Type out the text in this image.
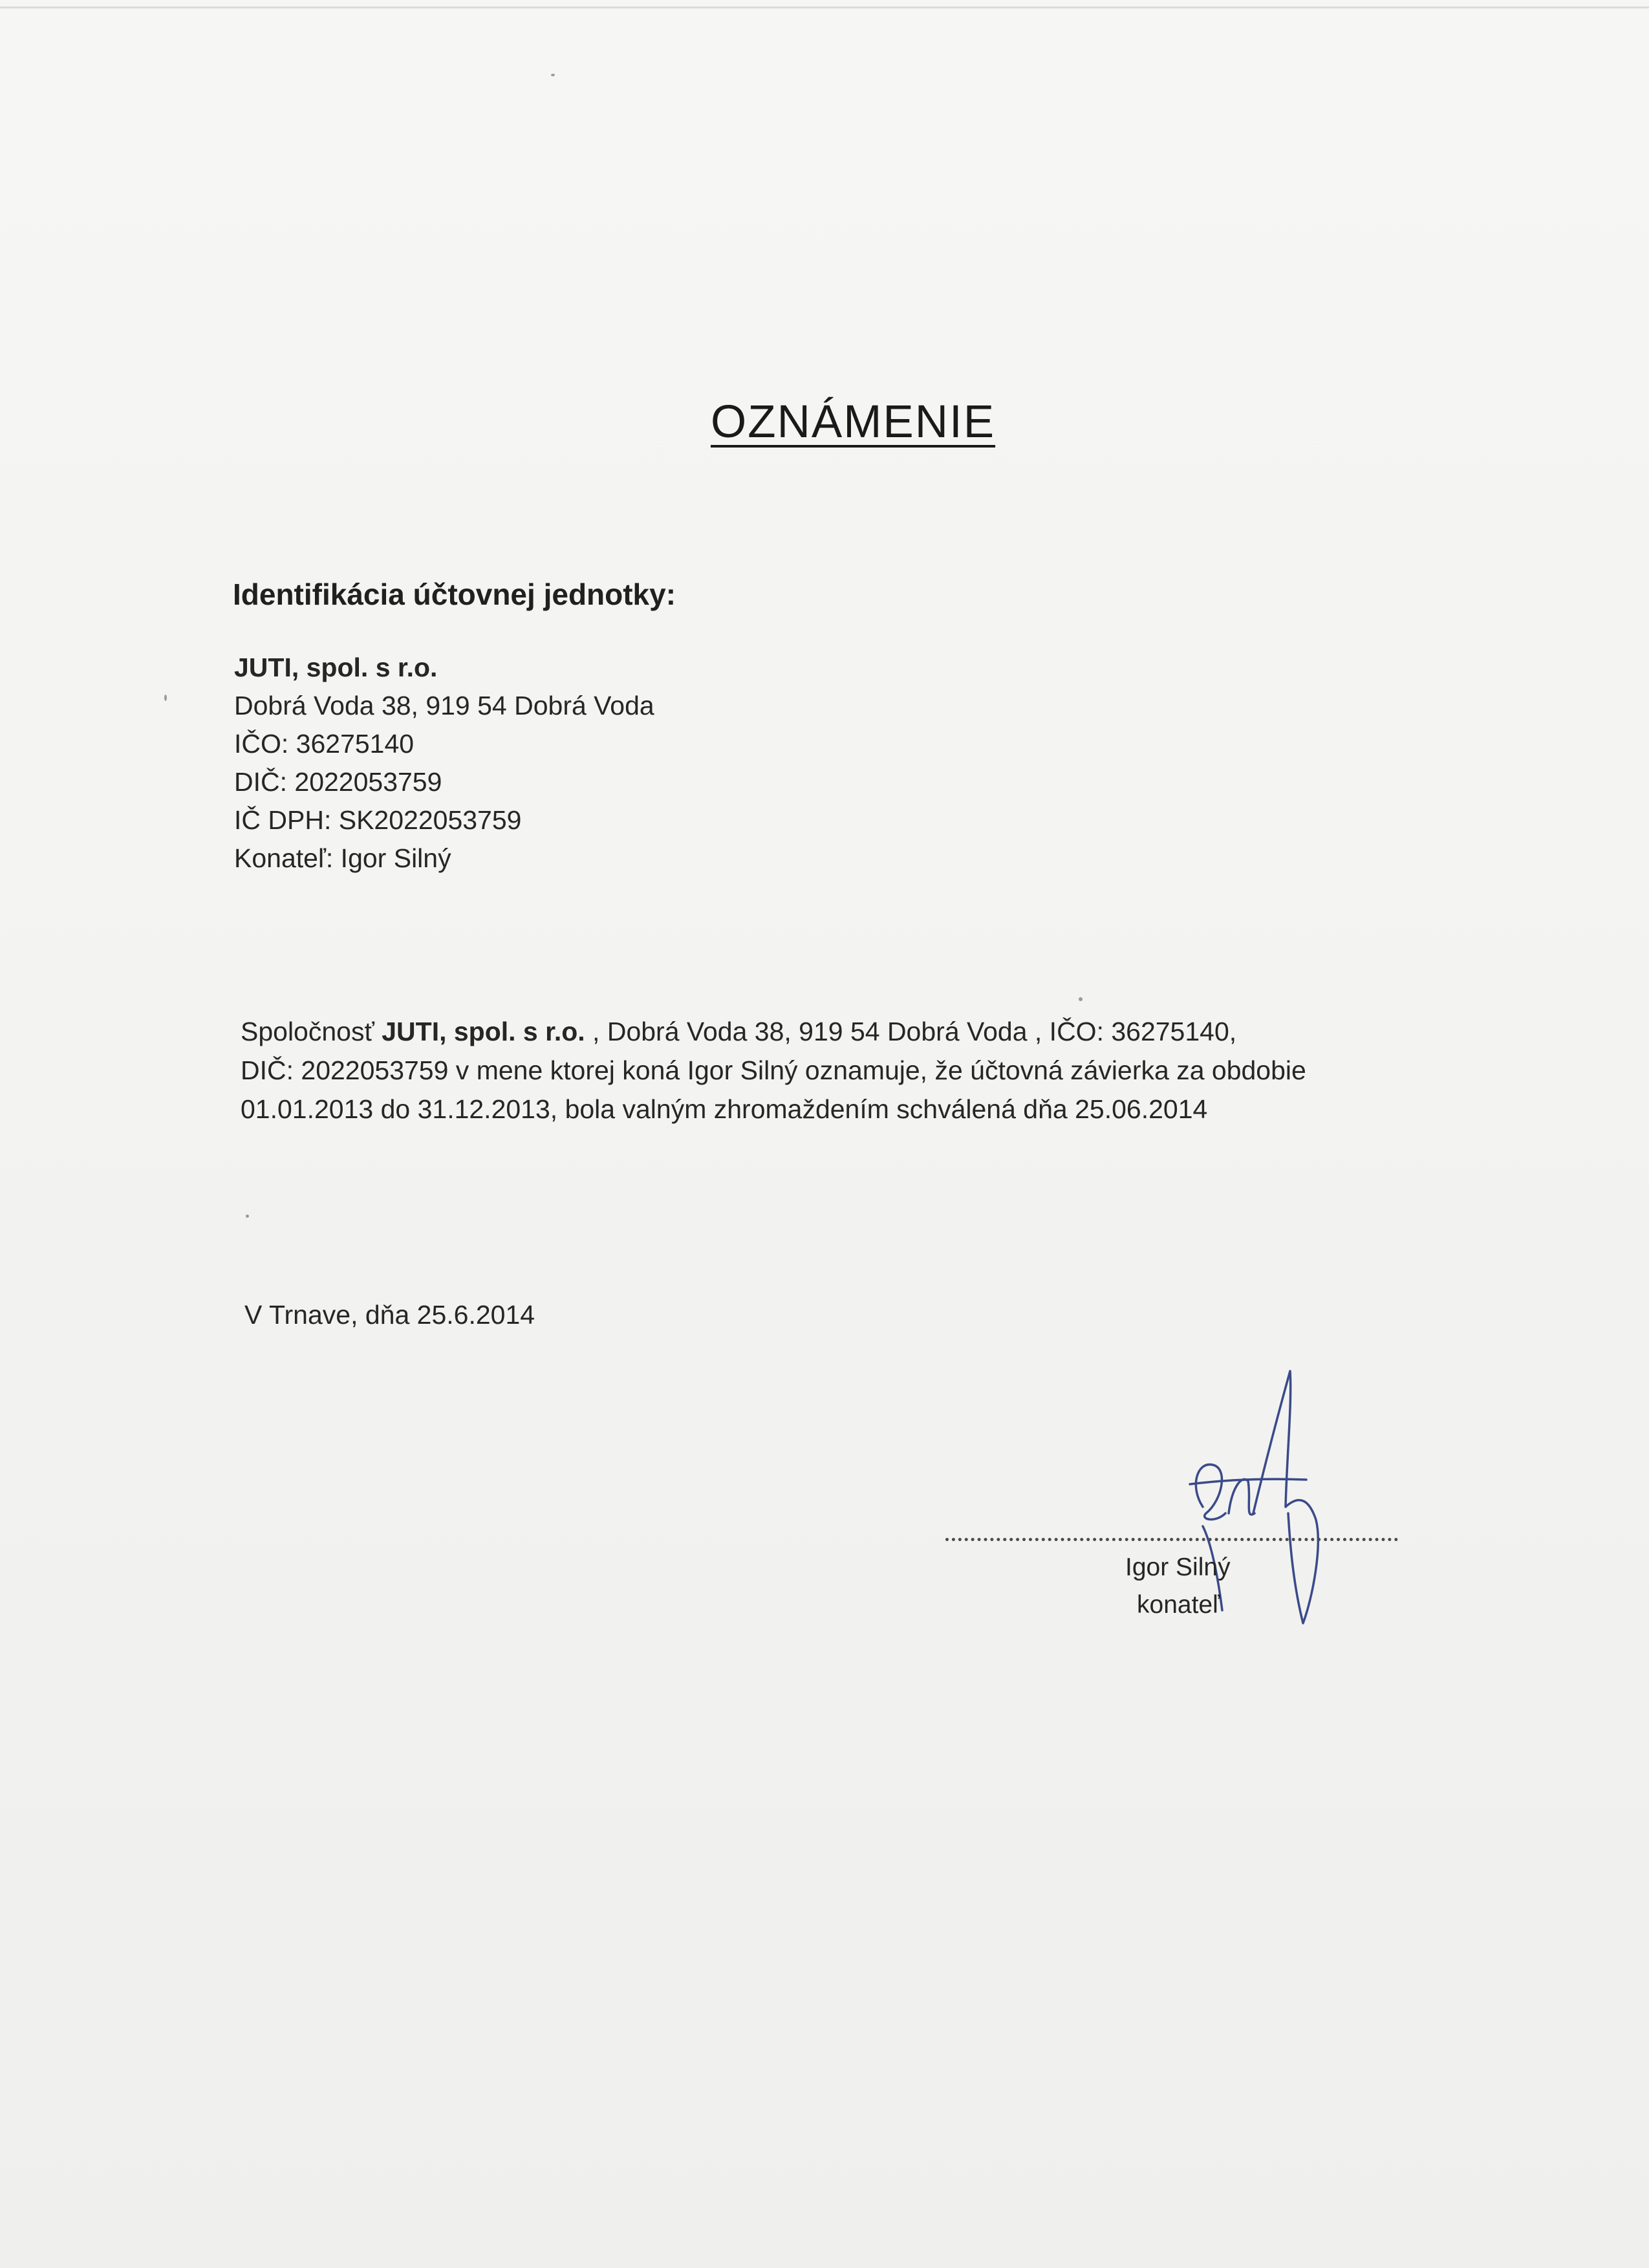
OZNÁMENIE
Identifikácia účtovnej jednotky:
JUTI, spol. s r.o.
Dobrá Voda 38, 919 54 Dobrá Voda
IČO: 36275140
DIČ: 2022053759
IČ DPH: SK2022053759
Konateľ: Igor Silný
Spoločnosť JUTI, spol. s r.o. , Dobrá Voda 38, 919 54 Dobrá Voda , IČO: 36275140,
DIČ: 2022053759 v mene ktorej koná Igor Silný oznamuje, že účtovná závierka za obdobie
01.01.2013 do 31.12.2013, bola valným zhromaždením schválená dňa 25.06.2014
V Trnave, dňa 25.6.2014
Igor Silný
konateľ
